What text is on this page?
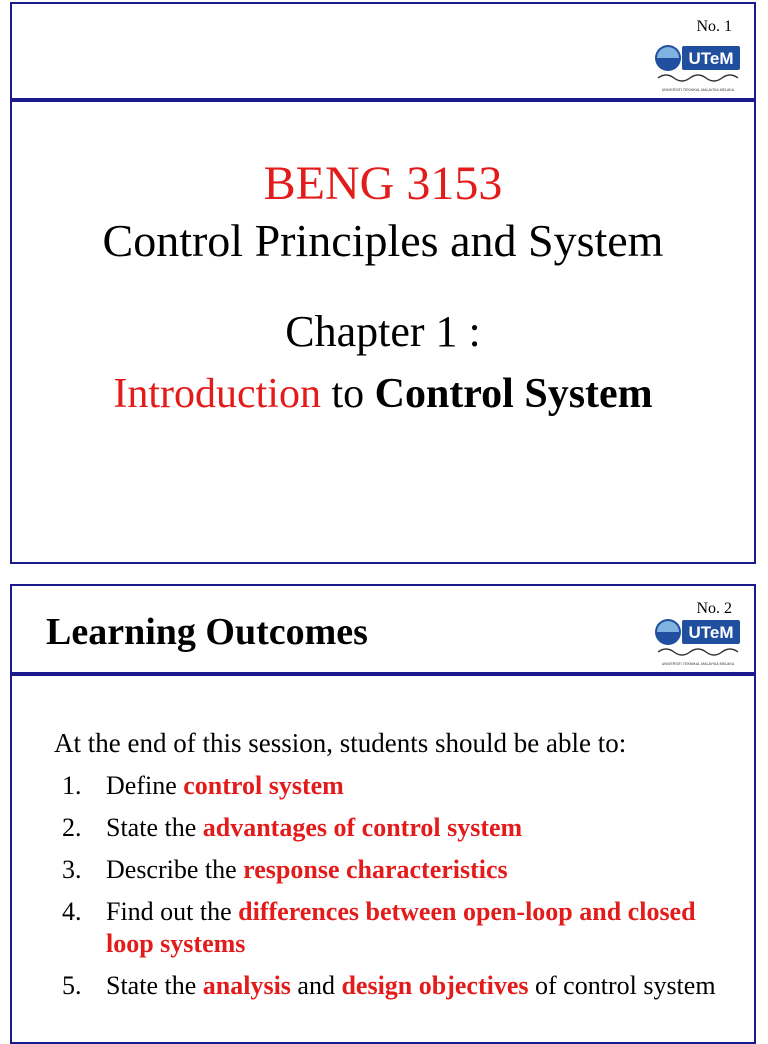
No. 1
UTeM
UNIVERSITI TEKNIKAL MALAYSIA MELAKA
BENG 3153
Control Principles and System
Chapter 1 :
Introduction to Control System
No. 2
UTeM
UNIVERSITI TEKNIKAL MALAYSIA MELAKA
Learning Outcomes
At the end of this session, students should be able to:
1. Define control system
2. State the advantages of control system
3. Describe the response characteristics
4. Find out the differences between open-loop and closed loop systems
5. State the analysis and design objectives of control system
